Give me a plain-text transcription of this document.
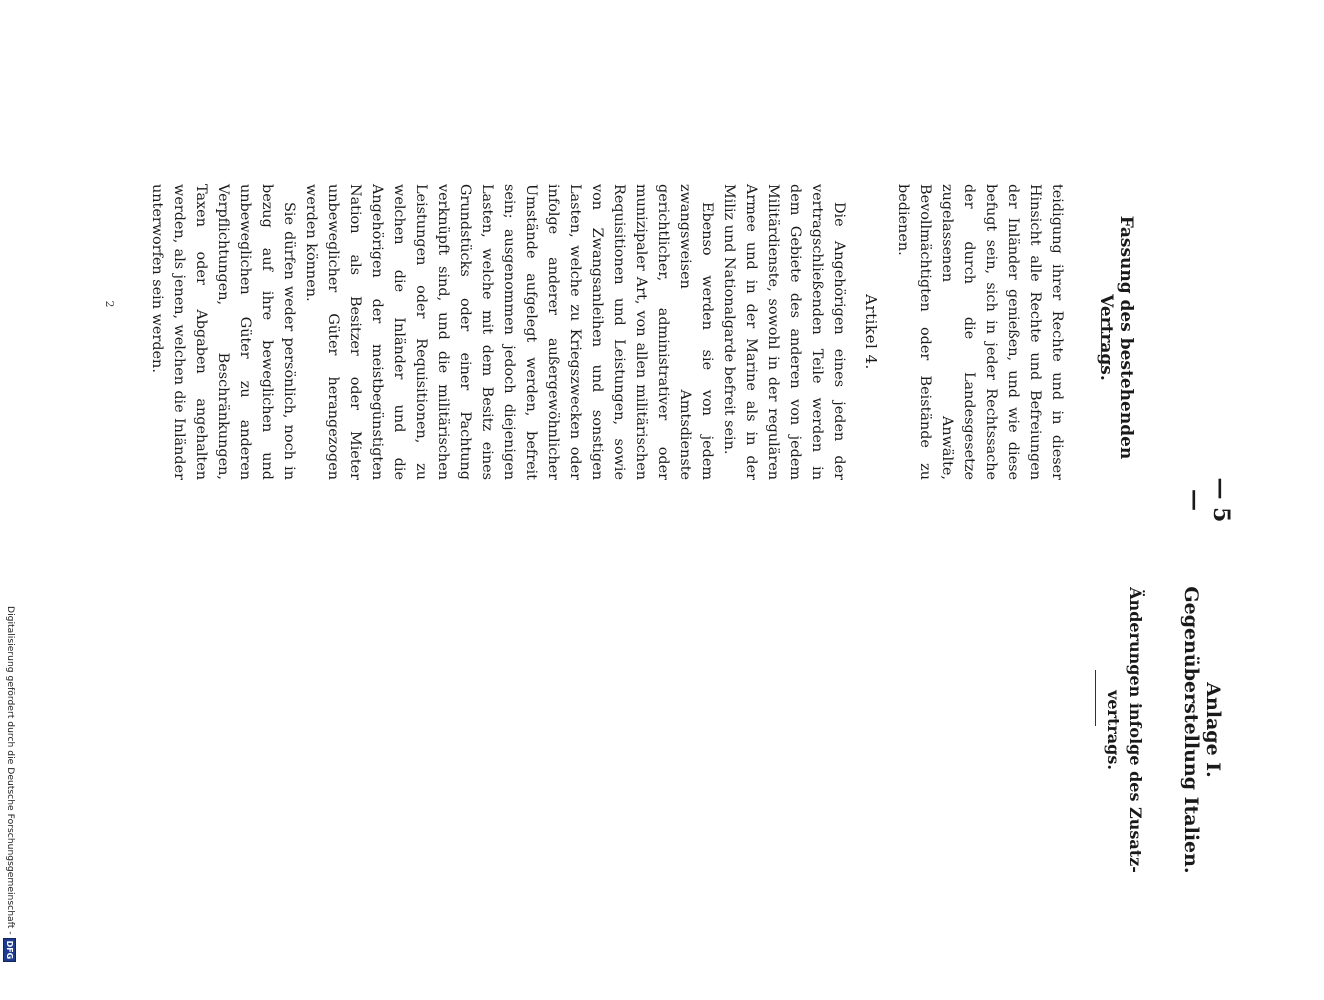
— 5 —
Anlage I.
Gegenüberstellung Italien.
Änderungen infolge des Zusatz-vertrags.
Fassung des bestehenden Vertrags.

teidigung ihrer Rechte und in dieser Hinsicht alle Rechte und Befreiungen der Inländer genießen, und wie diese befugt sein, sich in jeder Rechtssache der durch die Landesgesetze zugelassenen Anwälte, Bevollmächtigten oder Beistände zu bedienen.

Artikel 4.

Die Angehörigen eines jeden der vertragschließenden Teile werden in dem Gebiete des anderen von jedem Militärdienste, sowohl in der regulären Armee und in der Marine als in der Miliz und Nationalgarde befreit sein.

Ebenso werden sie von jedem zwangsweisen Amtsdienste gerichtlicher, administrativer oder munizipaler Art, von allen militärischen Requisitionen und Leistungen, sowie von Zwangsanleihen und sonstigen Lasten, welche zu Kriegszwecken oder infolge anderer außergewöhnlicher Umstände aufgelegt werden, befreit sein; ausgenommen jedoch diejenigen Lasten, welche mit dem Besitz eines Grundstücks oder einer Pachtung verknüpft sind, und die militärischen Leistungen oder Requisitionen, zu welchen die Inländer und die Angehörigen der meistbegünstigten Nation als Besitzer oder Mieter unbeweglicher Güter herangezogen werden können.

Sie dürfen weder persönlich, noch in bezug auf ihre beweglichen und unbeweglichen Güter zu anderen Verpflichtungen, Beschränkungen, Taxen oder Abgaben angehalten werden, als jenen, welchen die Inländer unterworfen sein werden.

2
Digitalisierung gefördert durch die Deutsche Forschungsgemeinschaft -
DFG
